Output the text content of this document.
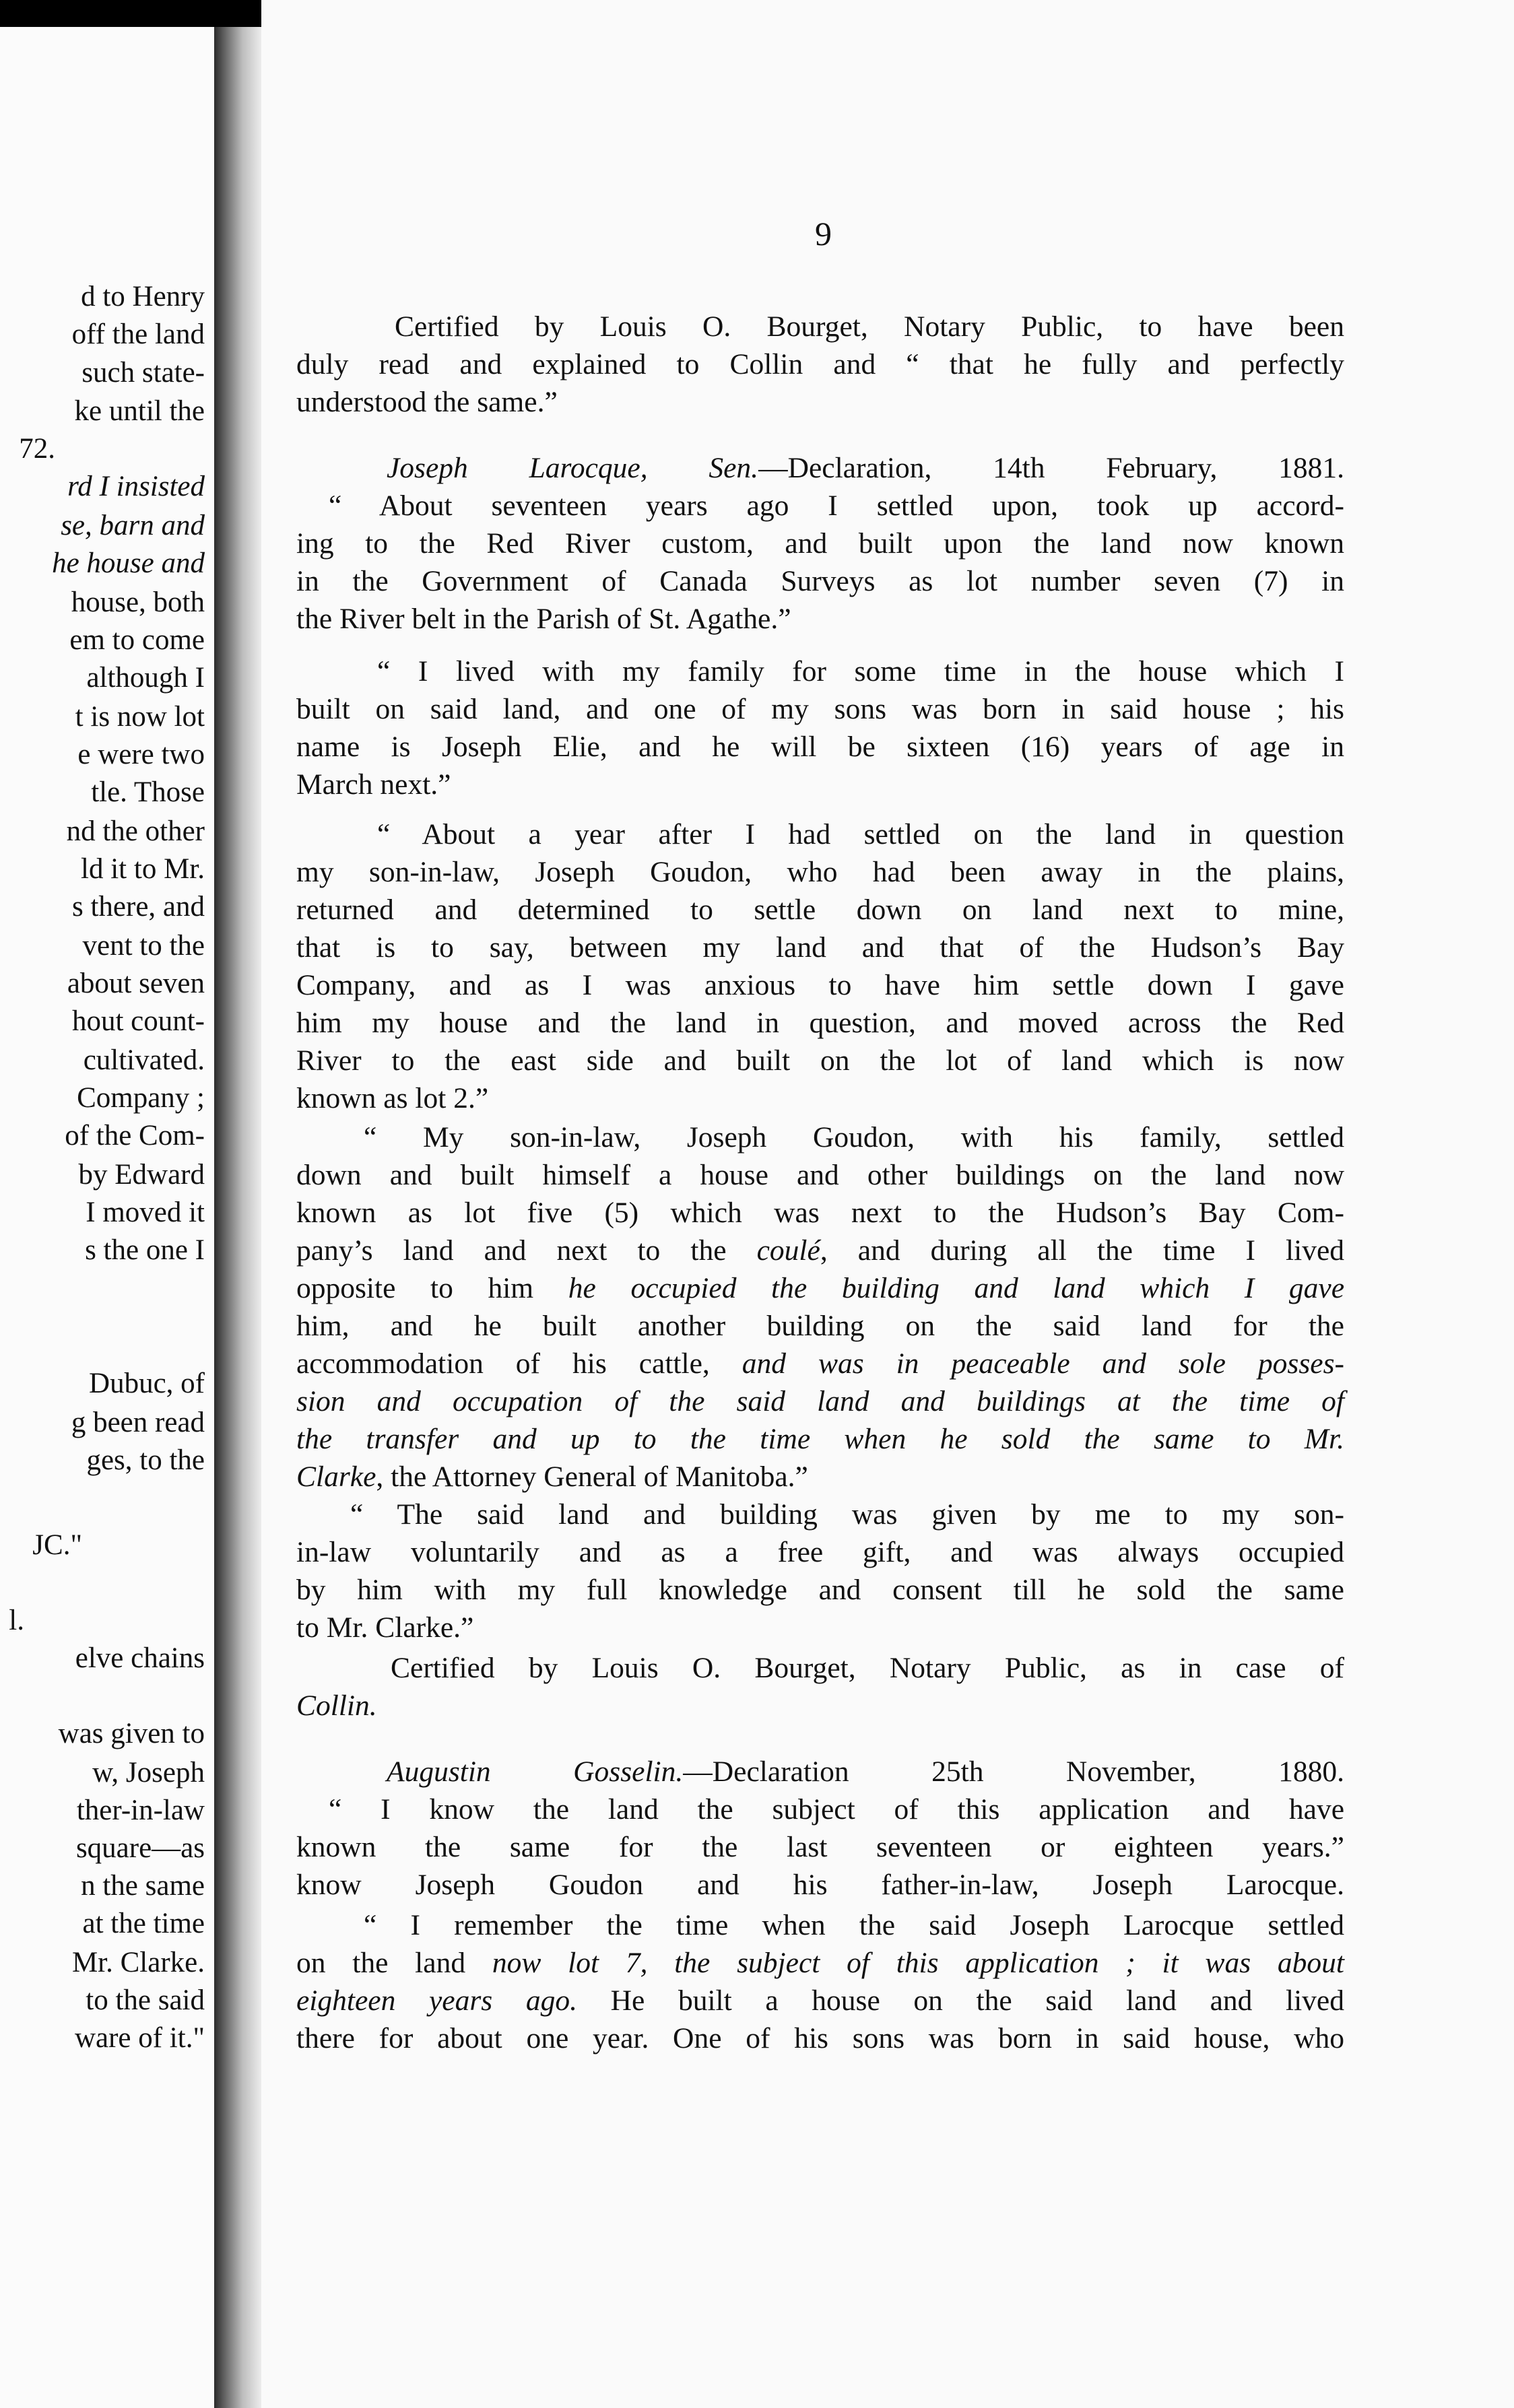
d to Henry
off the land
such state-
ke until the
72.
rd I insisted
se, barn and
he house and
house, both
em to come
although I
t is now lot
e were two
tle. Those
nd the other
ld it to Mr.
s there, and
vent to the
about seven
hout count-
cultivated.
Company ;
of the Com-
by Edward
I moved it
s the one I
Dubuc, of
g been read
ges, to the
JC."
l.
elve chains
was given to
w, Joseph
ther-in-law
square—as
n the same
at the time
Mr. Clarke.
to the said
ware of it."
9
Certified by Louis O. Bourget, Notary Public, to have been
duly read and explained to Collin and “ that he fully and perfectly
understood the same.”
Joseph Larocque, Sen.—Declaration, 14th February, 1881.
“ About seventeen years ago I settled upon, took up accord-
ing to the Red River custom, and built upon the land now known
in the Government of Canada Surveys as lot number seven (7) in
the River belt in the Parish of St. Agathe.”
“ I lived with my family for some time in the house which I
built on said land, and one of my sons was born in said house ; his
name is Joseph Elie, and he will be sixteen (16) years of age in
March next.”
“ About a year after I had settled on the land in question
my son-in-law, Joseph Goudon, who had been away in the plains,
returned and determined to settle down on land next to mine,
that is to say, between my land and that of the Hudson’s Bay
Company, and as I was anxious to have him settle down I gave
him my house and the land in question, and moved across the Red
River to the east side and built on the lot of land which is now
known as lot 2.”
“ My son-in-law, Joseph Goudon, with his family, settled
down and built himself a house and other buildings on the land now
known as lot five (5) which was next to the Hudson’s Bay Com-
pany’s land and next to the coulé, and during all the time I lived
opposite to him he occupied the building and land which I gave
him, and he built another building on the said land for the
accommodation of his cattle, and was in peaceable and sole posses-
sion and occupation of the said land and buildings at the time of
the transfer and up to the time when he sold the same to Mr.
Clarke, the Attorney General of Manitoba.”
“ The said land and building was given by me to my son-
in-law voluntarily and as a free gift, and was always occupied
by him with my full knowledge and consent till he sold the same
to Mr. Clarke.”
Certified by Louis O. Bourget, Notary Public, as in case of
Collin.
Augustin Gosselin.—Declaration 25th November, 1880.
“ I know the land the subject of this application and have
known the same for the last seventeen or eighteen years.”
know Joseph Goudon and his father-in-law, Joseph Larocque.
“ I remember the time when the said Joseph Larocque settled
on the land now lot 7, the subject of this application ; it was about
eighteen years ago. He built a house on the said land and lived
there for about one year. One of his sons was born in said house, who
